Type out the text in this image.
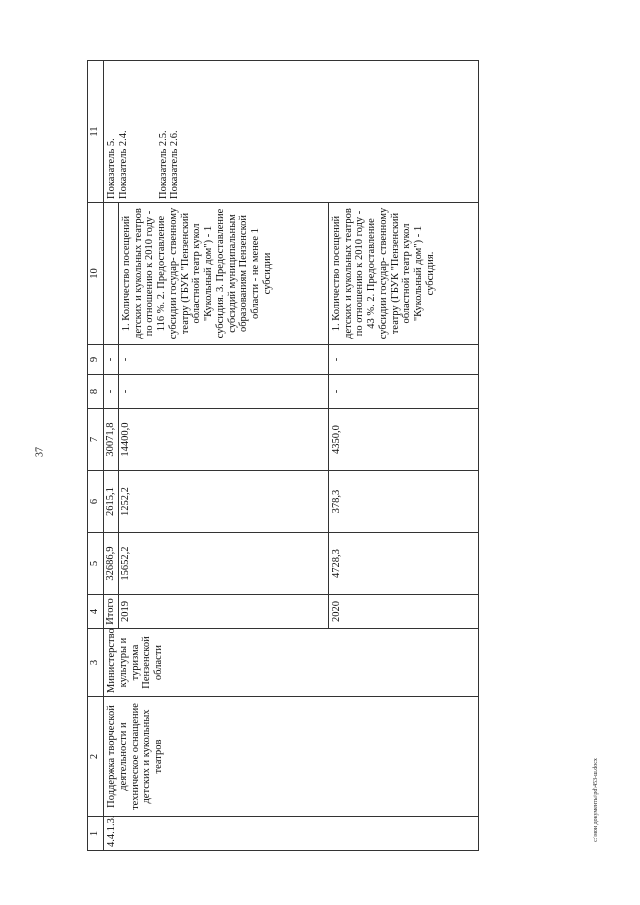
37
1	2	3	4	5	6	7	8	9	10	11
4.4.1.3.	Поддержка творческой деятельности и техническое оснащение детских и кукольных театров	Министерство культуры и туризма Пензенской области	Итого	32686,9	2615,1	30071,8	-	-		Показатель 5. Показатель 2.4. Показатель 2.5. Показатель 2.6.

			2019	15652,2	1252,2	14400,0	-	-	1. Количество посещений детских и кукольных театров по отношению к 2010 году - 116 %. 2. Предоставление субсидии государ- ственному театру (ГБУК "Пензенский областной театр кукол "Кукольный дом") - 1 субсидия. 3. Предоставление субсидий муниципальным образованиям Пензенской области - не менее 1 субсидии	
			2020	4728,3	378,3	4350,0	-	-	1. Количество посещений детских и кукольных театров по отношению к 2010 году - 43 %. 2. Предоставление субсидии государ- ственному театру (ГБУК "Пензенский областной театр кукол "Кукольный дом") - 1 субсидия.	
c:\мои документы\pd\453-ш.docx
